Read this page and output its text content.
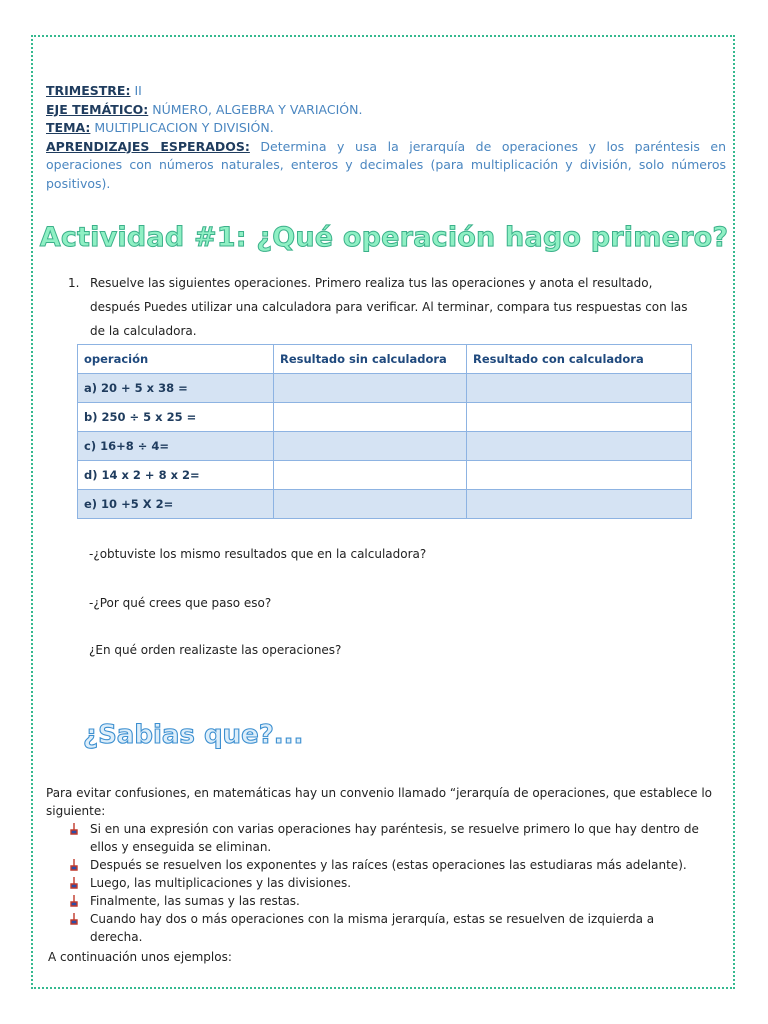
TRIMESTRE: II
EJE TEMÁTICO: NÚMERO, ALGEBRA Y VARIACIÓN.
TEMA: MULTIPLICACION Y DIVISIÓN.
APRENDIZAJES ESPERADOS: Determina y usa la jerarquía de operaciones y los paréntesis en operaciones con números naturales, enteros y decimales (para multiplicación y división, solo números positivos).
Actividad #1: ¿Qué operación hago primero?
1. Resuelve las siguientes operaciones. Primero realiza tus las operaciones y anota el resultado, después Puedes utilizar una calculadora para verificar. Al terminar, compara tus respuestas con las de la calculadora.
operación	Resultado sin calculadora	Resultado con calculadora
a) 20 + 5 x 38 =		
b) 250 ÷ 5 x 25 =		
c) 16+8 ÷ 4=		
d) 14 x 2 + 8 x 2=		
e) 10 +5 X 2=		
-¿obtuviste los mismo resultados que en la calculadora?
-¿Por qué crees que paso eso?
¿En qué orden realizaste las operaciones?
¿Sabias que?...
Para evitar confusiones, en matemáticas hay un convenio llamado “jerarquía de operaciones, que establece lo siguiente:
Si en una expresión con varias operaciones hay paréntesis, se resuelve primero lo que hay dentro de ellos y enseguida se eliminan.
Después se resuelven los exponentes y las raíces (estas operaciones las estudiaras más adelante).
Luego, las multiplicaciones y las divisiones.
Finalmente, las sumas y las restas.
Cuando hay dos o más operaciones con la misma jerarquía, estas se resuelven de izquierda a derecha.
A continuación unos ejemplos:
